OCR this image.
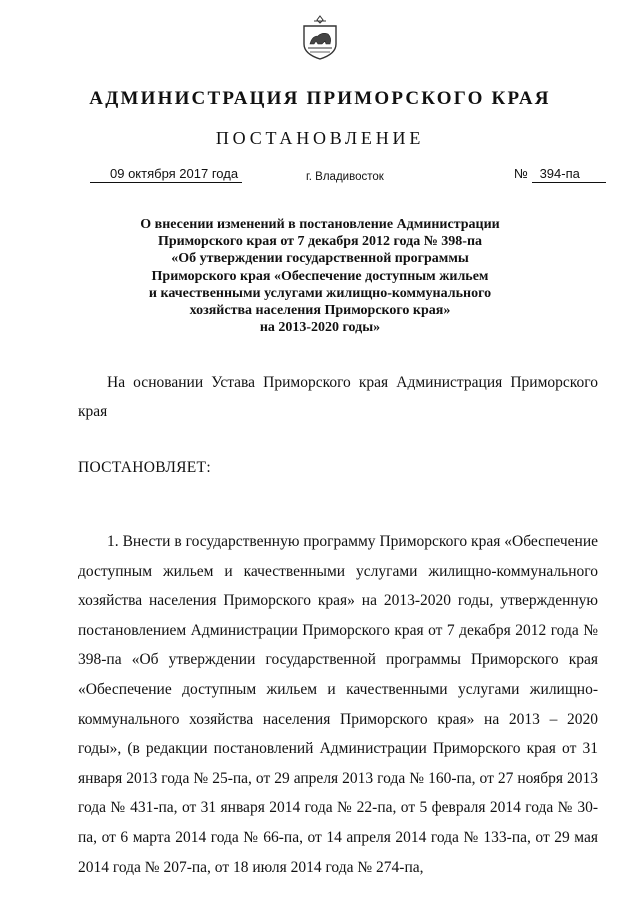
АДМИНИСТРАЦИЯ ПРИМОРСКОГО КРАЯ
ПОСТАНОВЛЕНИЕ
09 октября 2017 года	г. Владивосток	№ 394-па
О внесении изменений в постановление Администрации
Приморского края от 7 декабря 2012 года № 398-па
«Об утверждении государственной программы
Приморского края «Обеспечение доступным жильем
и качественными услугами жилищно-коммунального
хозяйства населения Приморского края»
на 2013-2020 годы»
На основании Устава Приморского края Администрация Приморского края
ПОСТАНОВЛЯЕТ:
1. Внести в государственную программу Приморского края «Обеспечение доступным жильем и качественными услугами жилищно-коммунального хозяйства населения Приморского края» на 2013-2020 годы, утвержденную постановлением Администрации Приморского края от 7 декабря 2012 года № 398-па «Об утверждении государственной программы Приморского края «Обеспечение доступным жильем и качественными услугами жилищно-коммунального хозяйства населения Приморского края» на 2013 – 2020 годы», (в редакции постановлений Администрации Приморского края от 31 января 2013 года № 25-па, от 29 апреля 2013 года № 160-па, от 27 ноября 2013 года № 431-па, от 31 января 2014 года № 22-па, от 5 февраля 2014 года № 30-па, от 6 марта 2014 года № 66-па, от 14 апреля 2014 года № 133-па, от 29 мая 2014 года № 207-па, от 18 июля 2014 года № 274-па,
